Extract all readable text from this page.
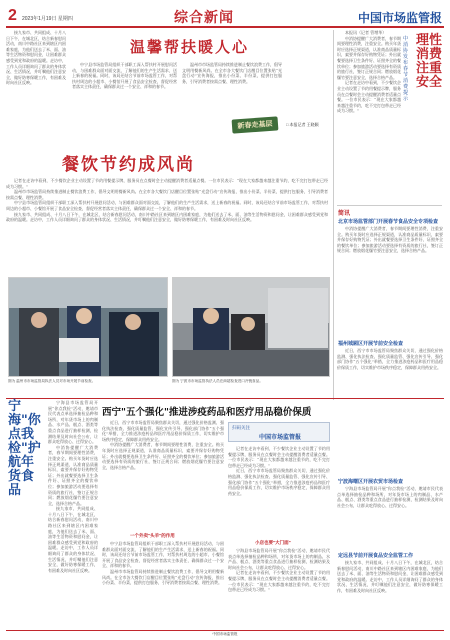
2 2023年1月19日 星期四	综合新闻	中国市场监管报

接九家市、共同组成、十月八日下午，在城北区，结合新春慰问活动，南川中路社区来到辖区内困难家庭，为他们送去了米、面、油等生活物资和慰问金，让困难群众感受到党和政府的温暖。走访中，工作人员详细询问了群众的身体状况、生活情况，并叮嘱他们注意安全，做好防寒保暖工作，有困难及时向社区反映。

温馨帮扶暖人心

中宁县市场监管局组织干部职工深入帮扶村开展慰问活动，与困难群众面对面交流，了解他们的生产生活需求，送上新春的祝福。同时，该局还结合节前市场监管工作，对帮扶村周边的小超市、小餐馆开展了食品安全检查，督促经营者落实主体责任，确保群众过一个安全、祥和的春节。

温州市市场监管局持续推进制止餐饮浪费工作，倡导文明用餐新风尚。在全市各大餐饮门店醒目位置张贴“光盘行动”宣传海报，推出小份菜、半份菜，提供打包服务，引导消费者按需点餐、理性消费。

新春走基层	□ 本报记者 王晓颖
餐饮节约成风尚

记者在走访中看到，不少餐饮企业主动设置了节约用餐提示牌，服务员在点餐时会主动提醒消费者适量点餐。一位市民表示：“现在大家都越来越注重节约，吃不完打包带走已经成为习惯。”

温州市市场监管局持续推进制止餐饮浪费工作，倡导文明用餐新风尚。在全市各大餐饮门店醒目位置张贴“光盘行动”宣传海报，推出小份菜、半份菜，提供打包服务，引导消费者按需点餐、理性消费。

中宁县市场监管局组织干部职工深入帮扶村开展慰问活动，与困难群众面对面交流，了解他们的生产生活需求，送上新春的祝福。同时，该局还结合节前市场监管工作，对帮扶村周边的小超市、小餐馆开展了食品安全检查，督促经营者落实主体责任，确保群众过一个安全、祥和的春节。

接九家市、共同组成、十月八日下午，在城北区，结合新春慰问活动，南川中路社区来到辖区内困难家庭，为他们送去了米、面、油等生活物资和慰问金，让困难群众感受到党和政府的温暖。走访中，工作人员详细询问了群众的身体状况、生活情况，并叮嘱他们注意安全，做好防寒保暖工作，有困难及时向社区反映。

本报讯（记者 管增华）

中消协提醒广大消费者，春节期间要理性消费，注重安全。购买年货时应选择正规渠道，认准商品质量标识，索要并保存好购物凭证；外出就餐要选择卫生条件好、证照齐全的餐饮单位；参加旅游活动要选择有资质的旅行社，签订正规合同；燃放烟花爆竹要注意安全，选择合格产品。

记者在走访中看到，不少餐饮企业主动设置了节约用餐提示牌，服务员在点餐时会主动提醒消费者适量点餐。一位市民表示：“现在大家都越来越注重节约，吃不完打包带走已经成为习惯。”

中消协发布春节消费提示
理性消费 注重安全
简讯
北京市场监管部门开展春节食品安全专项检查

中消协提醒广大消费者，春节期间要理性消费，注重安全。购买年货时应选择正规渠道，认准商品质量标识，索要并保存好购物凭证；外出就餐要选择卫生条件好、证照齐全的餐饮单位；参加旅游活动要选择有资质的旅行社，签订正规合同；燃放烟花爆竹要注意安全，选择合格产品。

福州城厢区开展节前安全检查

近日，西宁市市场监管局聚焦群众关切，通过强化价格监测、强化执法检查、强化质量监管、强化宣传引导、强化部门协作“五个强化”举措，全力推进涉疫药品和医疗用品稳价保质工作，切实维护市场秩序稳定，保障群众用药安全。

宁波海曙区开展农贸市场检查

宁海县市场监管局开展“你点我检”活动，邀请市民代表点单选择抽检品种和场所，对年货市场上的肉制品、水产品、糕点、酒类等重点食品进行抽样检测，检测结果及时向社会公布，让群众吃得放心、过得安心。

定远县节前开展食品安全监管工作

接九家市、共同组成、十月八日下午，在城北区，结合新春慰问活动，南川中路社区来到辖区内困难家庭，为他们送去了米、面、油等生活物资和慰问金，让困难群众感受到党和政府的温暖。走访中，工作人员详细询问了群众的身体状况、生活情况，并叮嘱他们注意安全，做好防寒保暖工作，有困难及时向社区反映。

图为 温州市市场监管局执法人员对市场开展节前检查。	图为 宁波市市场监管执法人员在商超检查进口冷链食品。
宁海"你点我检"护航年货食品

宁海县市场监管局开展“你点我检”活动，邀请市民代表点单选择抽检品种和场所，对年货市场上的肉制品、水产品、糕点、酒类等重点食品进行抽样检测，检测结果及时向社会公布，让群众吃得放心、过得安心。

中消协提醒广大消费者，春节期间要理性消费，注重安全。购买年货时应选择正规渠道，认准商品质量标识，索要并保存好购物凭证；外出就餐要选择卫生条件好、证照齐全的餐饮单位；参加旅游活动要选择有资质的旅行社，签订正规合同；燃放烟花爆竹要注意安全，选择合格产品。

接九家市、共同组成、十月八日下午，在城北区，结合新春慰问活动，南川中路社区来到辖区内困难家庭，为他们送去了米、面、油等生活物资和慰问金，让困难群众感受到党和政府的温暖。走访中，工作人员详细询问了群众的身体状况、生活情况，并叮嘱他们注意安全，做好防寒保暖工作，有困难及时向社区反映。

西宁"五个强化"推进涉疫药品和医疗用品稳价保质

近日，西宁市市场监管局聚焦群众关切，通过强化价格监测、强化执法检查、强化质量监管、强化宣传引导、强化部门协作“五个强化”举措，全力推进涉疫药品和医疗用品稳价保质工作，切实维护市场秩序稳定，保障群众用药安全。

中消协提醒广大消费者，春节期间要理性消费，注重安全。购买年货时应选择正规渠道，认准商品质量标识，索要并保存好购物凭证；外出就餐要选择卫生条件好、证照齐全的餐饮单位；参加旅游活动要选择有资质的旅行社，签订正规合同；燃放烟花爆竹要注意安全，选择合格产品。

扫码关注
中国市场监管报

记者在走访中看到，不少餐饮企业主动设置了节约用餐提示牌，服务员在点餐时会主动提醒消费者适量点餐。一位市民表示：“现在大家都越来越注重节约，吃不完打包带走已经成为习惯。”

近日，西宁市市场监管局聚焦群众关切，通过强化价格监测、强化执法检查、强化质量监管、强化宣传引导、强化部门协作“五个强化”举措，全力推进涉疫药品和医疗用品稳价保质工作，切实维护市场秩序稳定，保障群众用药安全。

一个外卖"头羊"的作用

中宁县市场监管局组织干部职工深入帮扶村开展慰问活动，与困难群众面对面交流，了解他们的生产生活需求，送上新春的祝福。同时，该局还结合节前市场监管工作，对帮扶村周边的小超市、小餐馆开展了食品安全检查，督促经营者落实主体责任，确保群众过一个安全、祥和的春节。

温州市市场监管局持续推进制止餐饮浪费工作，倡导文明用餐新风尚。在全市各大餐饮门店醒目位置张贴“光盘行动”宣传海报，推出小份菜、半份菜，提供打包服务，引导消费者按需点餐、理性消费。

小店也要"大门面"

宁海县市场监管局开展“你点我检”活动，邀请市民代表点单选择抽检品种和场所，对年货市场上的肉制品、水产品、糕点、酒类等重点食品进行抽样检测，检测结果及时向社会公布，让群众吃得放心、过得安心。

记者在走访中看到，不少餐饮企业主动设置了节约用餐提示牌，服务员在点餐时会主动提醒消费者适量点餐。一位市民表示：“现在大家都越来越注重节约，吃不完打包带走已经成为习惯。”

中国市场监管报
